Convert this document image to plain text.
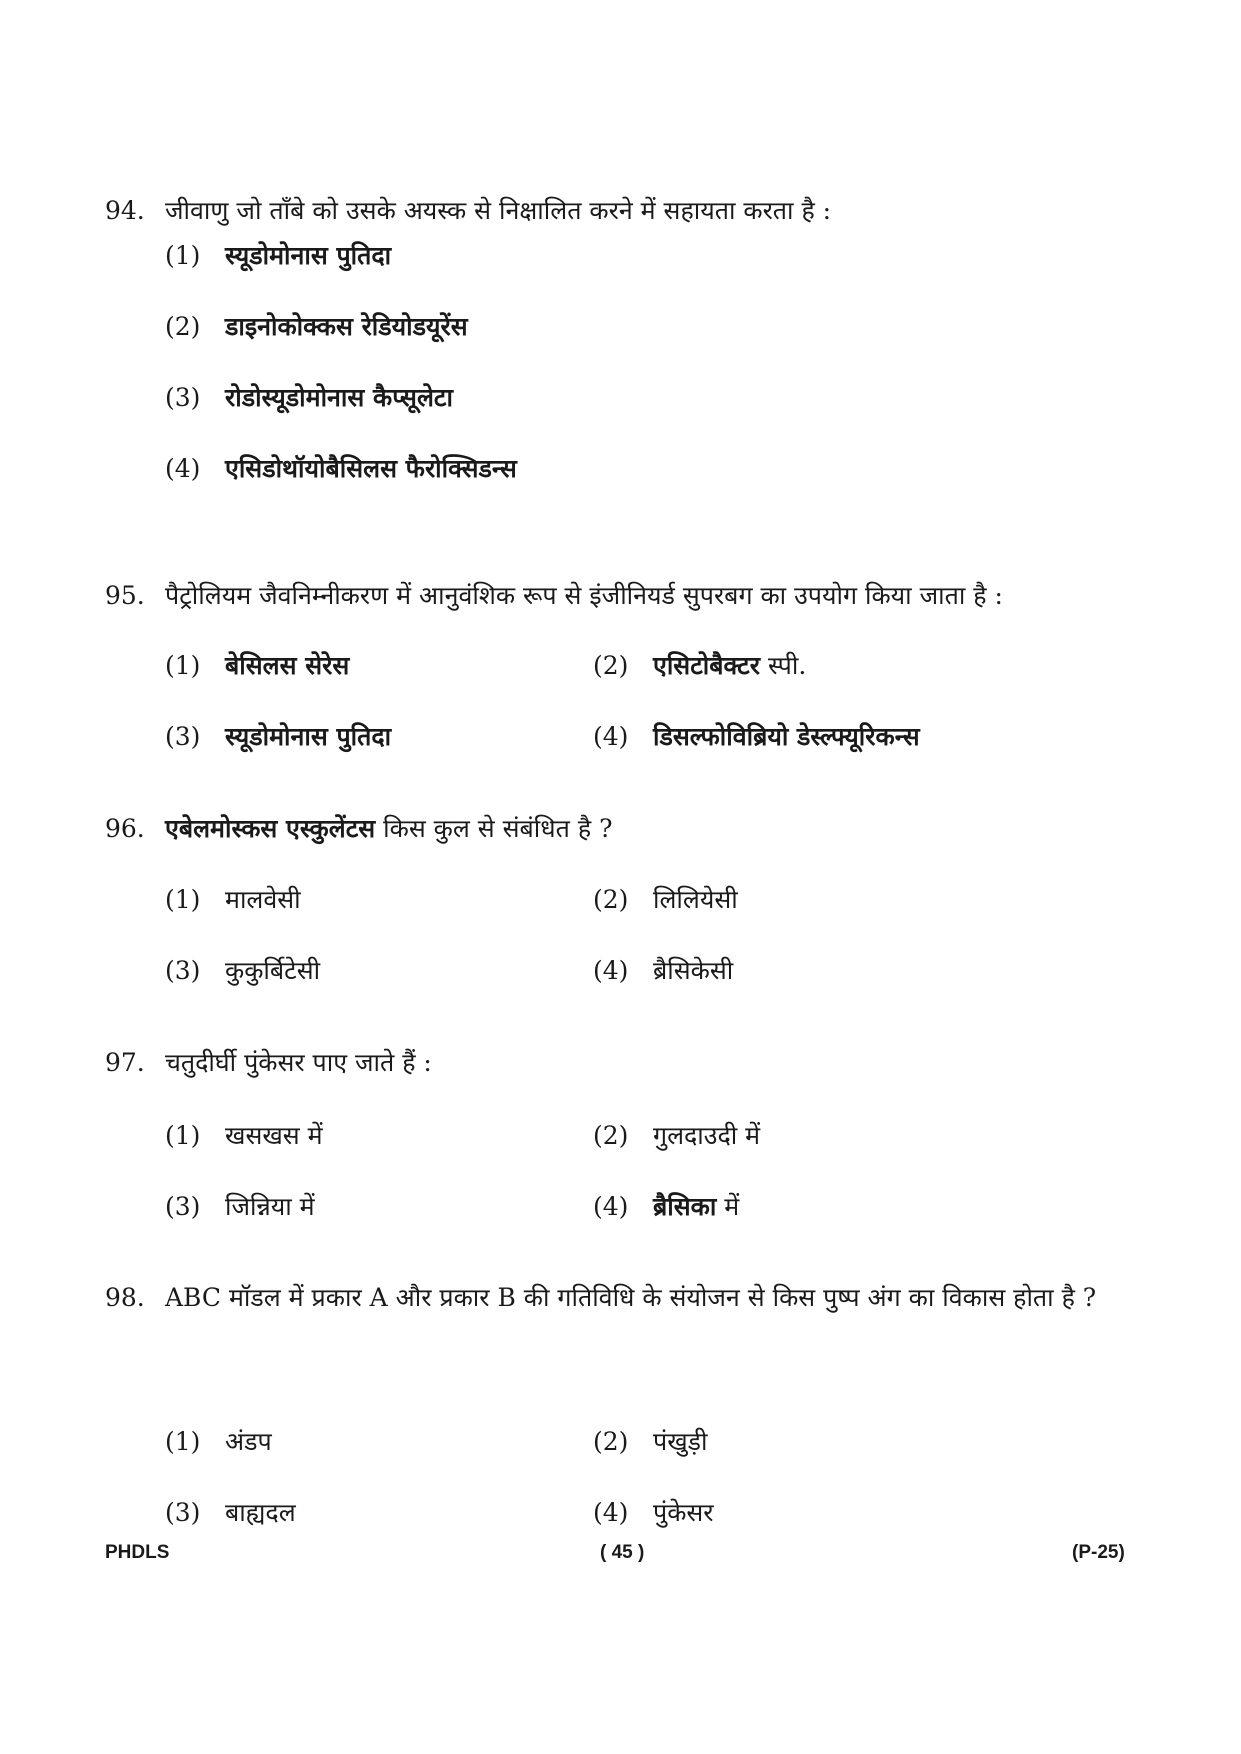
94. जीवाणु जो ताँबे को उसके अयस्क से निक्षालित करने में सहायता करता है :
(1) स्यूडोमोनास पुतिदा
(2) डाइनोकोक्कस रेडियोडयूरेंस
(3) रोडोस्यूडोमोनास कैप्सूलेटा
(4) एसिडोथॉयोबैसिलस फैरोक्सिडन्स
95. पैट्रोलियम जैवनिम्नीकरण में आनुवंशिक रूप से इंजीनियर्ड सुपरबग का उपयोग किया जाता है :
(1) बेसिलस सेरेस	(2) एसिटोबैक्टर स्पी.
(3) स्यूडोमोनास पुतिदा	(4) डिसल्फोविब्रियो डेस्ल्फ्यूरिकन्स
96. एबेलमोस्कस एस्कुलेंटस किस कुल से संबंधित है ?
(1) मालवेसी	(2) लिलियेसी
(3) कुकुर्बिटेसी	(4) ब्रैसिकेसी
97. चतुदीर्घी पुंकेसर पाए जाते हैं :
(1) खसखस में	(2) गुलदाउदी में
(3) जिन्निया में	(4) ब्रैसिका में
98. ABC मॉडल में प्रकार A और प्रकार B की गतिविधि के संयोजन से किस पुष्प अंग का विकास होता है ?
(1) अंडप	(2) पंखुड़ी
(3) बाह्यदल	(4) पुंकेसर
PHDLS	( 45 )	(P-25)
